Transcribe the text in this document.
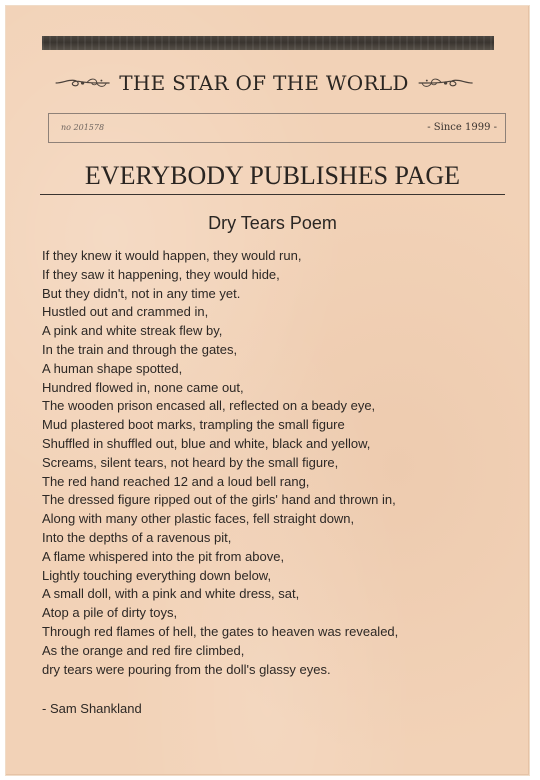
THE STAR OF THE WORLD
no 201578	- Since 1999 -
EVERYBODY PUBLISHES PAGE
Dry Tears Poem
If they knew it would happen, they would run,
If they saw it happening, they would hide,
But they didn't, not in any time yet.
Hustled out and crammed in,
A pink and white streak flew by,
In the train and through the gates,
A human shape spotted,
Hundred flowed in, none came out,
The wooden prison encased all, reflected on a beady eye,
Mud plastered boot marks, trampling the small figure
Shuffled in shuffled out, blue and white, black and yellow,
Screams, silent tears, not heard by the small figure,
The red hand reached 12 and a loud bell rang,
The dressed figure ripped out of the girls' hand and thrown in,
Along with many other plastic faces, fell straight down,
Into the depths of a ravenous pit,
A flame whispered into the pit from above,
Lightly touching everything down below,
A small doll, with a pink and white dress, sat,
Atop a pile of dirty toys,
Through red flames of hell, the gates to heaven was revealed,
As the orange and red fire climbed,
dry tears were pouring from the doll's glassy eyes.
- Sam Shankland
